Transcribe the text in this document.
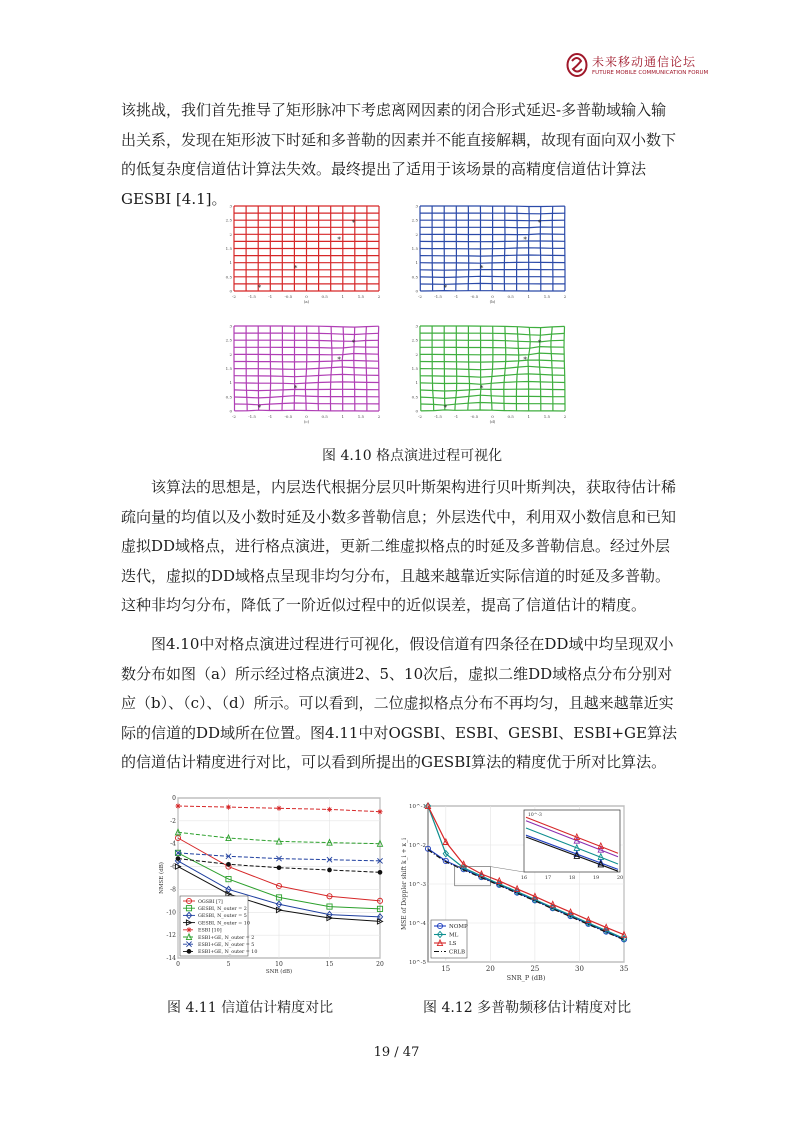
未来移动通信论坛
FUTURE MOBILE COMMUNICATION FORUM

该挑战，我们首先推导了矩形脉冲下考虑离网因素的闭合形式延迟-多普勒域输入输出关系，发现在矩形波下时延和多普勒的因素并不能直接解耦，故现有面向双小数下的低复杂度信道估计算法失效。最终提出了适用于该场景的高精度信道估计算法GESBI [4.1]。

*
*
*
*
-2	-1.5	-1	-0.5	0	0.5	1	1.5	2
0
0.5
1
1.5
2
2.5
3
(a)
*
*
*
*
-2	-1.5	-1	-0.5	0	0.5	1	1.5	2
0
0.5
1
1.5
2
2.5
3
(b)
*
*
*
*
-2	-1.5	-1	-0.5	0	0.5	1	1.5	2
0
0.5
1
1.5
2
2.5
3
(c)
*
*
*
*
-2	-1.5	-1	-0.5	0	0.5	1	1.5	2
0
0.5
1
1.5
2
2.5
3
(d)
图 4.10 格点演进过程可视化

该算法的思想是，内层迭代根据分层贝叶斯架构进行贝叶斯判决，获取待估计稀疏向量的均值以及小数时延及小数多普勒信息；外层迭代中，利用双小数信息和已知虚拟DD域格点，进行格点演进，更新二维虚拟格点的时延及多普勒信息。经过外层迭代，虚拟的DD域格点呈现非均匀分布，且越来越靠近实际信道的时延及多普勒。这种非均匀分布，降低了一阶近似过程中的近似误差，提高了信道估计的精度。

图4.10中对格点演进过程进行可视化，假设信道有四条径在DD域中均呈现双小数分布如图（a）所示经过格点演进2、5、10次后，虚拟二维DD域格点分布分别对应（b）、（c）、（d）所示。可以看到，二位虚拟格点分布不再均匀，且越来越靠近实际的信道的DD域所在位置。图4.11中对OGSBI、ESBI、GESBI、ESBI+GE算法的信道估计精度进行对比，可以看到所提出的GESBI算法的精度优于所对比算法。

0	5	10	15	20
0
-2
-4
-6
-8
-10
-12
-14
SNR (dB)
NMSE (dB)
OGSBI [7]
GESBI, N_outer = 2
GESBI, N_outer = 5
GESBI, N_outer = 10
ESBI [10]
ESBI+GE, N_outer = 2
ESBI+GE, N_outer = 5
ESBI+GE, N_outer = 10
图 4.11 信道估计精度对比
15	20	25	30	35
10^-5
10^-4
10^-3
10^-2
10^-1
SNR_P (dB)
MSE of Doppler shift k_i + κ_i	16	17	18	19	20
10^-3
NOMP
ML
LS
CRLB
图 4.12 多普勒频移估计精度对比
19 / 47
